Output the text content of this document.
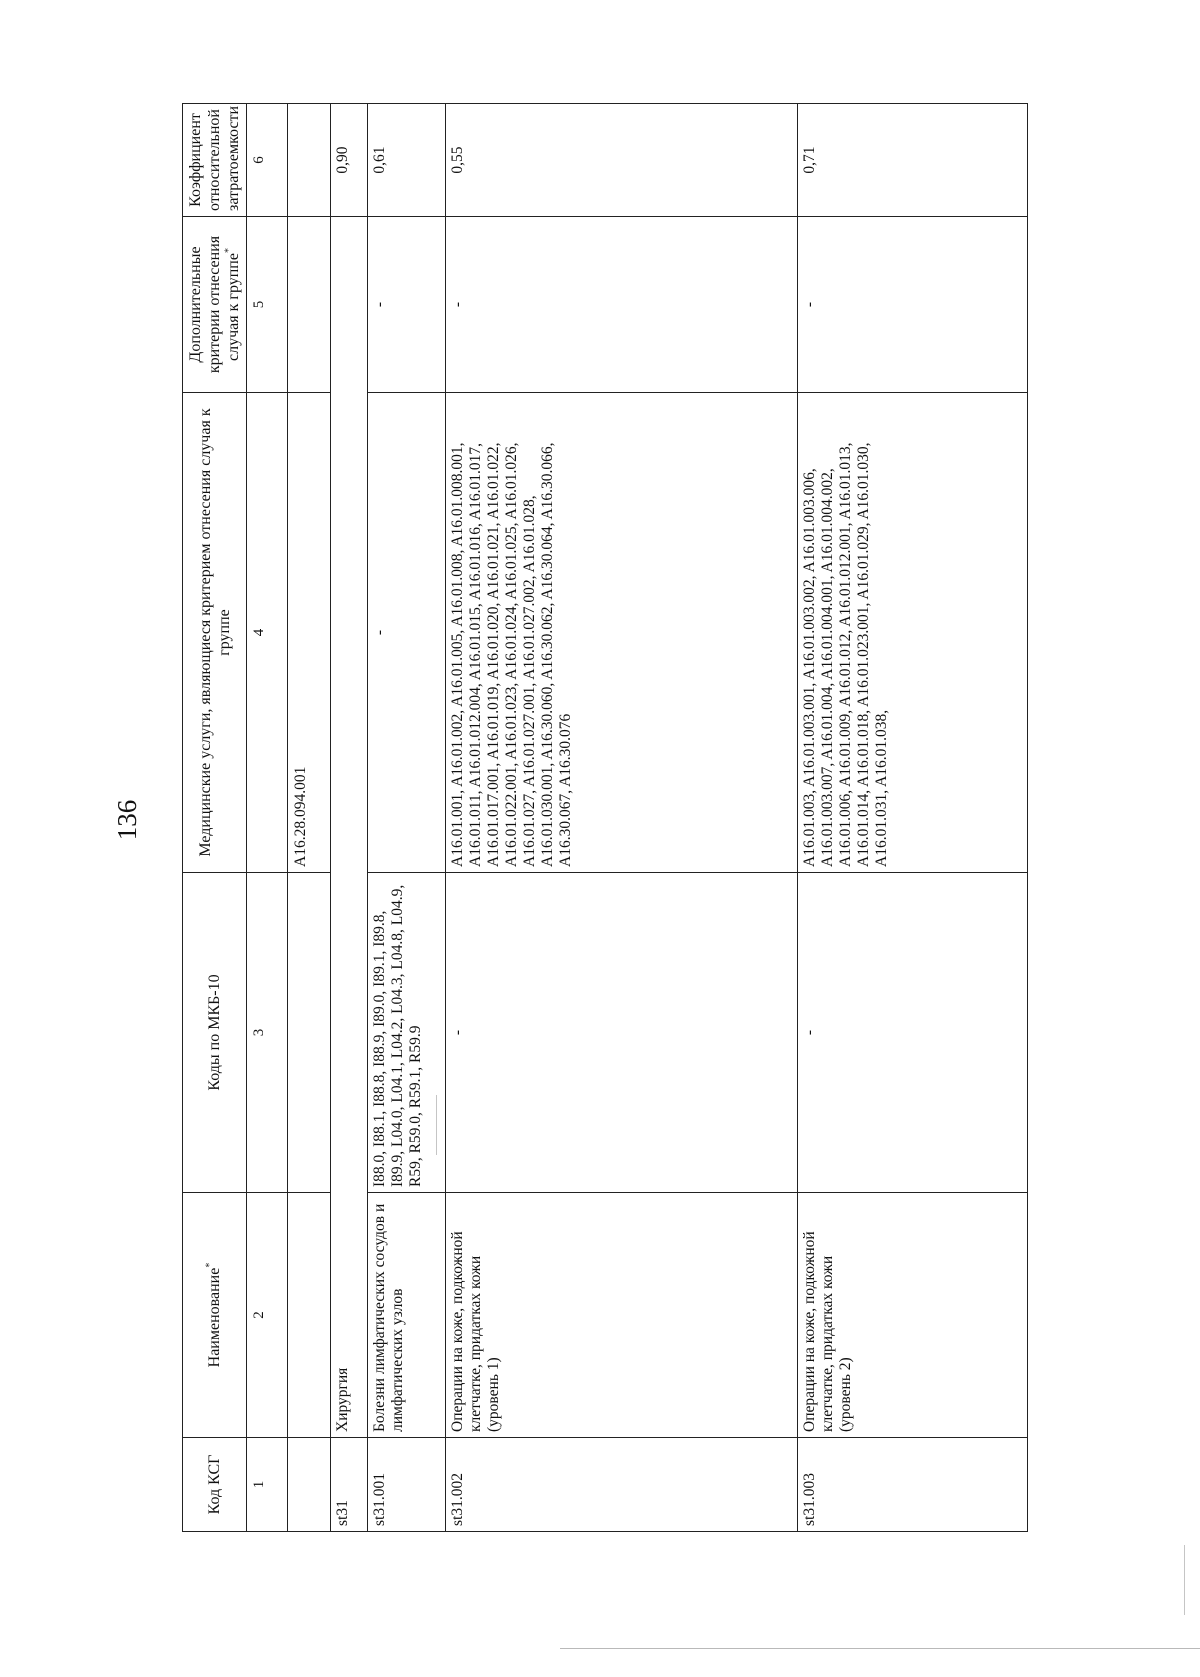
136
Код КСГ	Наименование*	Коды по МКБ-10	Медицинские услуги, являющиеся критерием отнесения случая к группе	Дополнительные критерии отнесения случая к группе*	Коэффициент относительной затратоемкости
1	2	3	4	5	6
			A16.28.094.001		
st31	Хирургия				0,90
st31.001	Болезни лимфатических сосудов и лимфатических узлов	I88.0, I88.1, I88.8, I88.9, I89.0, I89.1, I89.8, I89.9, L04.0, L04.1, L04.2, L04.3, L04.8, L04.9, R59, R59.0, R59.1, R59.9	-	-	0,61
st31.002	Операции на коже, подкожной клетчатке, придатках кожи (уровень 1)	-	A16.01.001, A16.01.002, A16.01.005, A16.01.008, A16.01.008.001, A16.01.011, A16.01.012.004, A16.01.015, A16.01.016, A16.01.017, A16.01.017.001, A16.01.019, A16.01.020, A16.01.021, A16.01.022, A16.01.022.001, A16.01.023, A16.01.024, A16.01.025, A16.01.026, A16.01.027, A16.01.027.001, A16.01.027.002, A16.01.028, A16.01.030.001, A16.30.060, A16.30.062, A16.30.064, A16.30.066, A16.30.067, A16.30.076	-	0,55
st31.003	Операции на коже, подкожной клетчатке, придатках кожи (уровень 2)	-	A16.01.003, A16.01.003.001, A16.01.003.002, A16.01.003.006, A16.01.003.007, A16.01.004, A16.01.004.001, A16.01.004.002, A16.01.006, A16.01.009, A16.01.012, A16.01.012.001, A16.01.013, A16.01.014, A16.01.018, A16.01.023.001, A16.01.029, A16.01.030, A16.01.031, A16.01.038,	-	0,71
